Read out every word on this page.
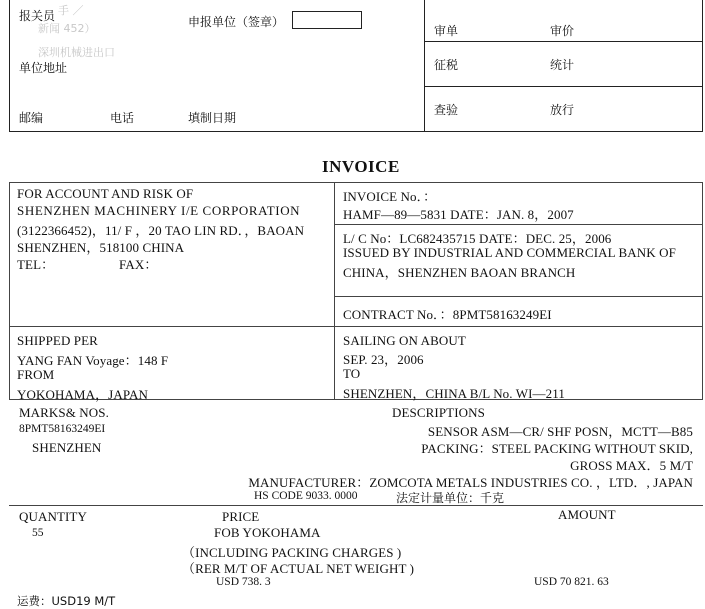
报关员 手 ／
新闻 452）
深圳机械进出口
申报单位（签章）
单位地址
邮编	电话	填制日期
审单	审价
征税	统计
查验	放行
INVOICE
FOR ACCOUNT AND RISK OF
SHENZHEN MACHINERY I/E CORPORATION
(3122366452)，11/ F ，20 TAO LIN RD．，BAOAN
SHENZHEN，518100 CHINA
TEL：	FAX：
INVOICE No．：
HAMF—89—5831 DATE：JAN. 8，2007
L/ C No：LC682435715 DATE：DEC. 25，2006
ISSUED BY INDUSTRIAL AND COMMERCIAL BANK OF
CHINA，SHENZHEN BAOAN BRANCH
CONTRACT No．：8PMT58163249EI
SHIPPED PER
YANG FAN Voyage：148 F
FROM
YOKOHAMA，JAPAN
SAILING ON ABOUT
SEP. 23，2006
TO
SHENZHEN，CHINA B/L No. WI—211
MARKS& NOS.
8PMT58163249EI
SHENZHEN
DESCRIPTIONS
SENSOR ASM—CR/ SHF POSN，MCTT—B85
PACKING：STEEL PACKING WITHOUT SKID,
GROSS MAX．5 M/T
MANUFACTURER：ZOMCOTA METALS INDUSTRIES CO. ，LTD．, JAPAN
HS CODE 9033. 0000	法定计量单位：千克
QUANTITY	PRICE	AMOUNT
55	FOB YOKOHAMA
（INCLUDING PACKING CHARGES )
（RER M/T OF ACTUAL NET WEIGHT )
USD 738. 3	USD 70 821. 63
运费：USD19 M/T
